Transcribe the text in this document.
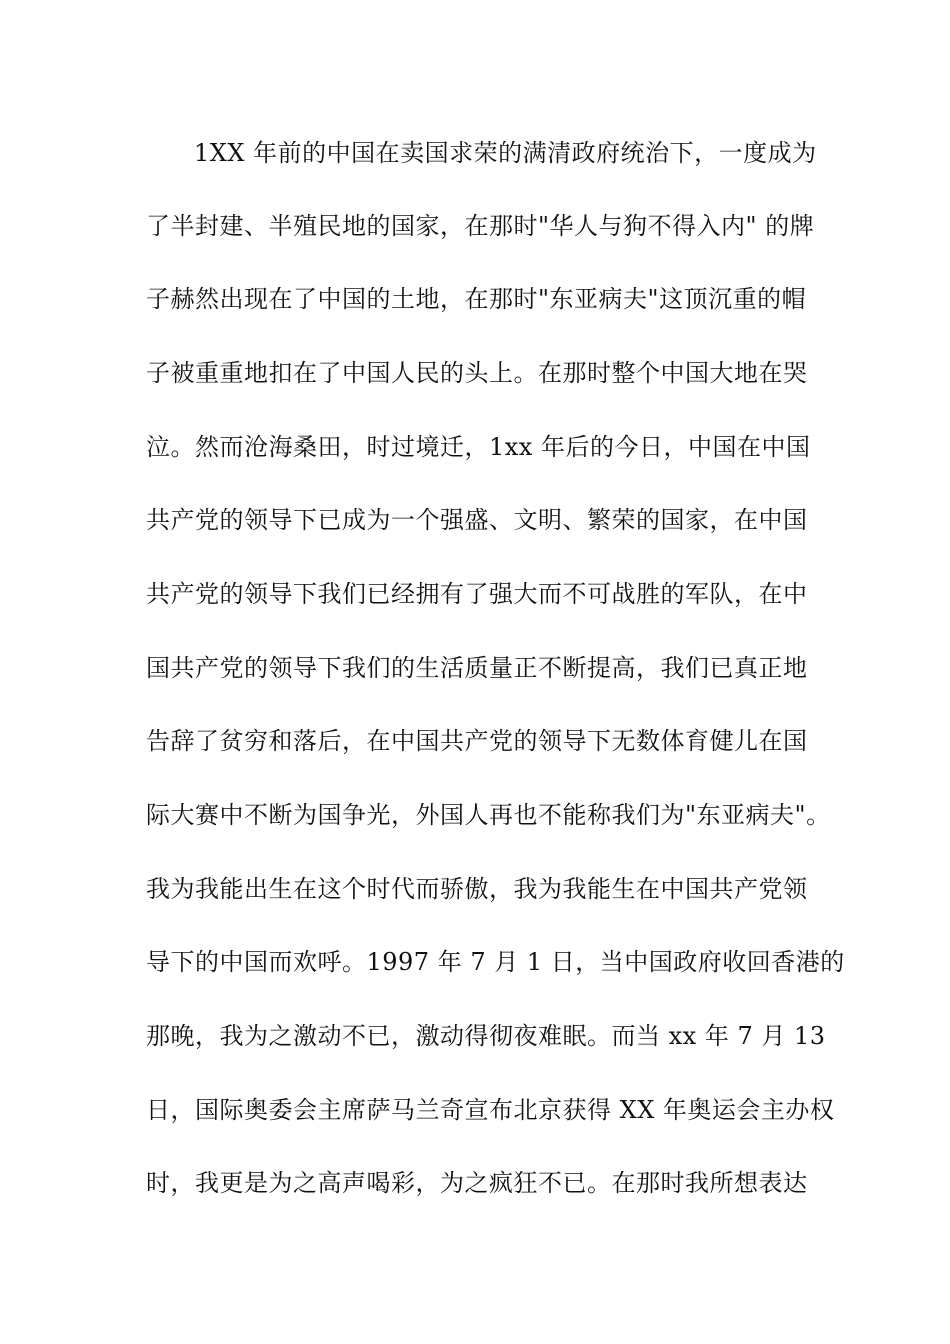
1XX 年前的中国在卖国求荣的满清政府统治下，一度成为
了半封建、半殖民地的国家，在那时"华人与狗不得入内" 的牌
子赫然出现在了中国的土地，在那时"东亚病夫"这顶沉重的帽
子被重重地扣在了中国人民的头上。在那时整个中国大地在哭
泣。然而沧海桑田，时过境迁，1xx 年后的今日，中国在中国
共产党的领导下已成为一个强盛、文明、繁荣的国家，在中国
共产党的领导下我们已经拥有了强大而不可战胜的军队，在中
国共产党的领导下我们的生活质量正不断提高，我们已真正地
告辞了贫穷和落后，在中国共产党的领导下无数体育健儿在国
际大赛中不断为国争光，外国人再也不能称我们为"东亚病夫"。
我为我能出生在这个时代而骄傲，我为我能生在中国共产党领
导下的中国而欢呼。1997 年 7 月 1 日，当中国政府收回香港的
那晚，我为之激动不已，激动得彻夜难眠。而当 xx 年 7 月 13
日，国际奥委会主席萨马兰奇宣布北京获得 XX 年奥运会主办权
时，我更是为之高声喝彩，为之疯狂不已。在那时我所想表达
